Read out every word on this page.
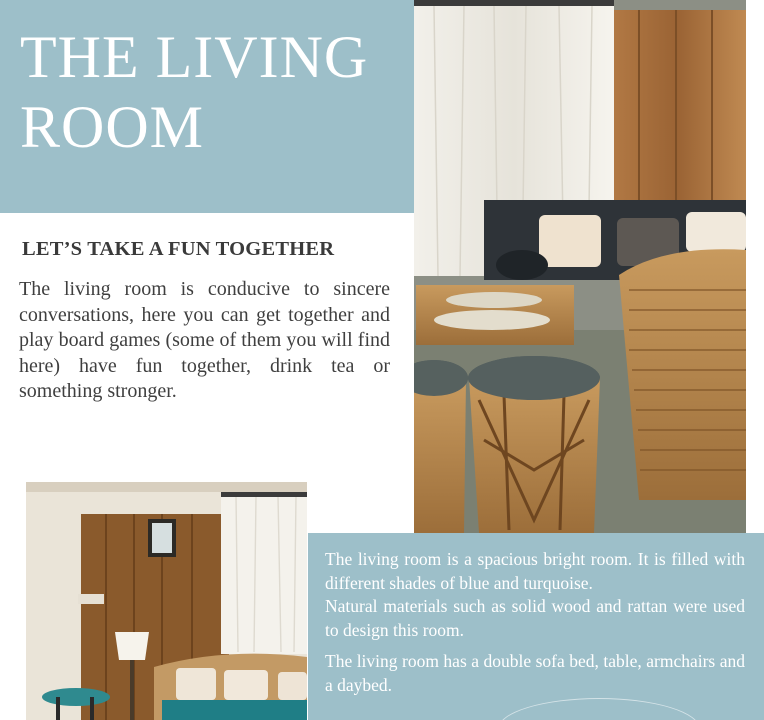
THE LIVING
ROOM
LET’S TAKE A FUN TOGETHER

The living room is conducive to sincere conversations, here you can get together and play board games (some of them you will find here) have fun together, drink tea or something stronger.

The living room is a spacious bright room. It is filled with different shades of blue and turquoise.
Natural materials such as solid wood and rattan were used to design this room.
The living room has a double sofa bed, table, armchairs and a daybed.
